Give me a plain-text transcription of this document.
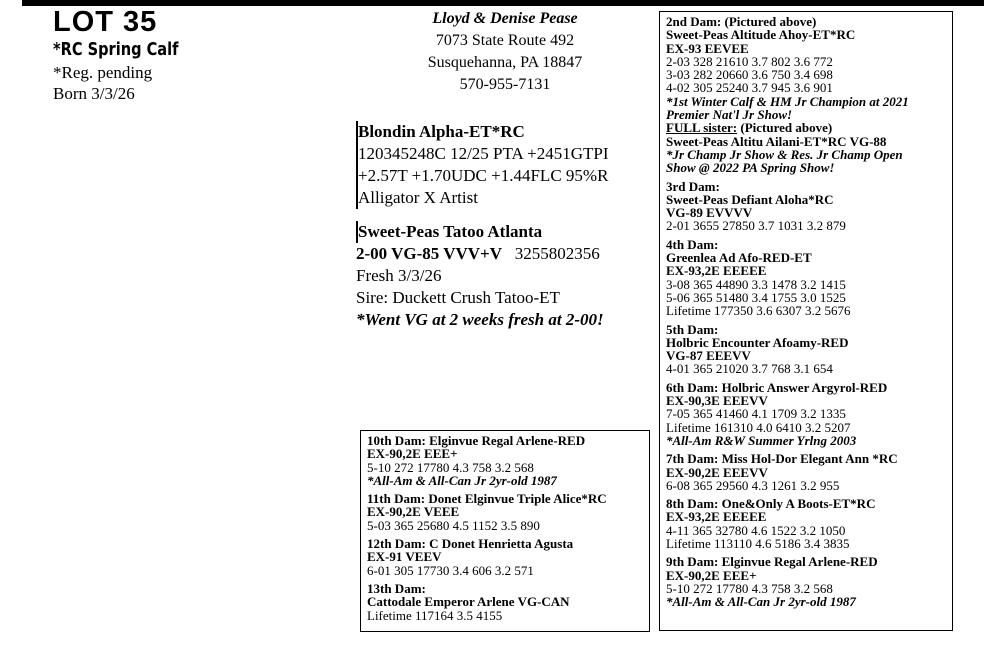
LOT 35
*RC Spring Calf
*Reg. pending
Born 3/3/26
Lloyd & Denise Pease
7073 State Route 492
Susquehanna, PA 18847
570-955-7131
Blondin Alpha-ET*RC
120345248C 12/25 PTA +2451GTPI
+2.57T +1.70UDC +1.44FLC 95%R
Alligator X Artist
Sweet-Peas Tatoo Atlanta
2-00 VG-85 VVV+V 3255802356
Fresh 3/3/26
Sire: Duckett Crush Tatoo-ET
*Went VG at 2 weeks fresh at 2-00!
2nd Dam: (Pictured above)
Sweet-Peas Altitude Ahoy-ET*RC
EX-93 EEVEE
2-03 328 21610 3.7 802 3.6 772
3-03 282 20660 3.6 750 3.4 698
4-02 305 25240 3.7 945 3.6 901
*1st Winter Calf & HM Jr Champion at 2021
Premier Nat'l Jr Show!
FULL sister: (Pictured above)
Sweet-Peas Altitu Ailani-ET*RC VG-88
*Jr Champ Jr Show & Res. Jr Champ Open
Show @ 2022 PA Spring Show!
3rd Dam:
Sweet-Peas Defiant Aloha*RC
VG-89 EVVVV
2-01 3655 27850 3.7 1031 3.2 879
4th Dam:
Greenlea Ad Afo-RED-ET
EX-93,2E EEEEE
3-08 365 44890 3.3 1478 3.2 1415
5-06 365 51480 3.4 1755 3.0 1525
Lifetime 177350 3.6 6307 3.2 5676
5th Dam:
Holbric Encounter Afoamy-RED
VG-87 EEEVV
4-01 365 21020 3.7 768 3.1 654
6th Dam: Holbric Answer Argyrol-RED
EX-90,3E EEEVV
7-05 365 41460 4.1 1709 3.2 1335
Lifetime 161310 4.0 6410 3.2 5207
*All-Am R&W Summer Yrlng 2003
7th Dam: Miss Hol-Dor Elegant Ann *RC
EX-90,2E EEEVV
6-08 365 29560 4.3 1261 3.2 955
8th Dam: One&Only A Boots-ET*RC
EX-93,2E EEEEE
4-11 365 32780 4.6 1522 3.2 1050
Lifetime 113110 4.6 5186 3.4 3835
9th Dam: Elginvue Regal Arlene-RED
EX-90,2E EEE+
5-10 272 17780 4.3 758 3.2 568
*All-Am & All-Can Jr 2yr-old 1987
10th Dam: Elginvue Regal Arlene-RED
EX-90,2E EEE+
5-10 272 17780 4.3 758 3.2 568
*All-Am & All-Can Jr 2yr-old 1987
11th Dam: Donet Elginvue Triple Alice*RC
EX-90,2E VEEE
5-03 365 25680 4.5 1152 3.5 890
12th Dam: C Donet Henrietta Agusta
EX-91 VEEV
6-01 305 17730 3.4 606 3.2 571
13th Dam:
Cattodale Emperor Arlene VG-CAN
Lifetime 117164 3.5 4155
